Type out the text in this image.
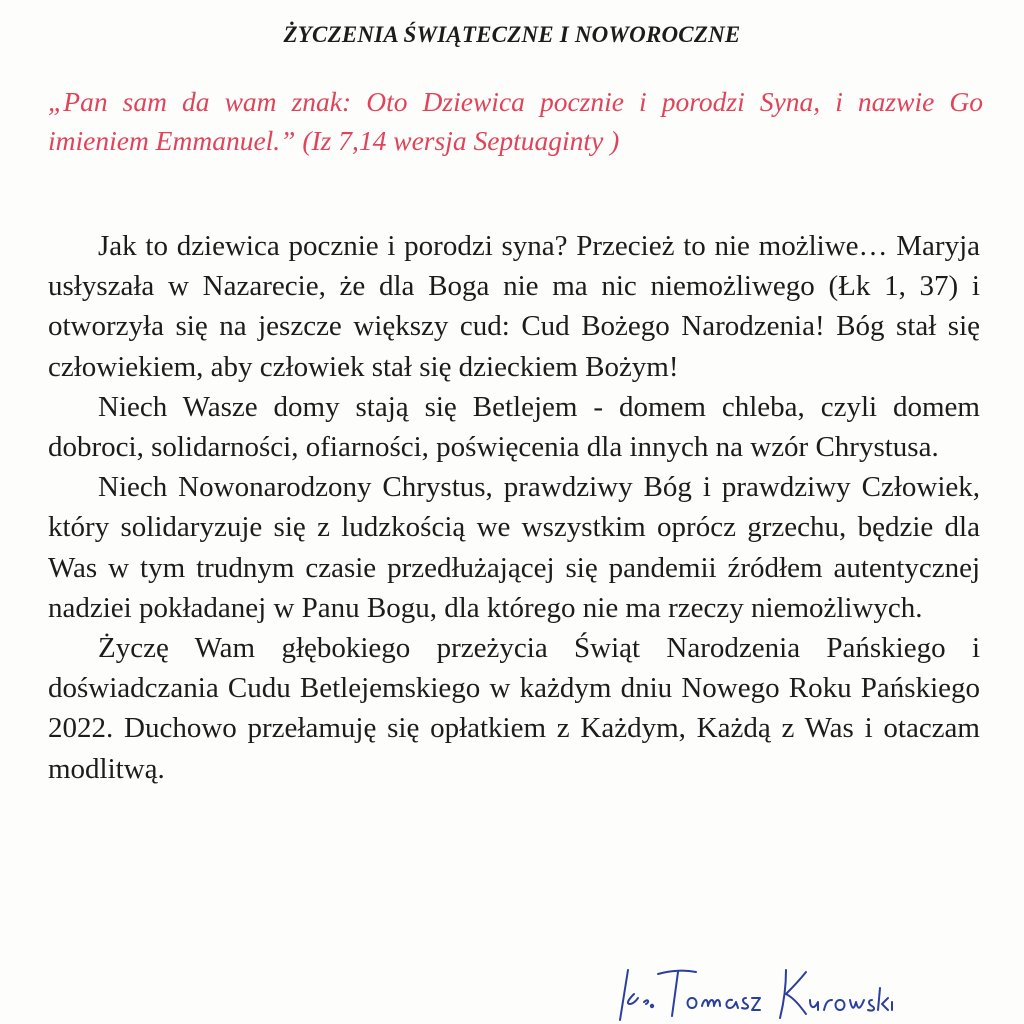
ŻYCZENIA ŚWIĄTECZNE I NOWOROCZNE

„Pan sam da wam znak: Oto Dziewica pocznie i porodzi Syna, i nazwie Go imieniem Emmanuel.” (Iz 7,14 wersja Septuaginty )

Jak to dziewica pocznie i porodzi syna? Przecież to nie możliwe… Maryja usłyszała w Nazarecie, że dla Boga nie ma nic niemożliwego (Łk 1, 37) i otworzyła się na jeszcze większy cud: Cud Bożego Narodzenia! Bóg stał się człowiekiem, aby człowiek stał się dzieckiem Bożym!

Niech Wasze domy stają się Betlejem - domem chleba, czyli domem dobroci, solidarności, ofiarności, poświęcenia dla innych na wzór Chrystusa.

Niech Nowonarodzony Chrystus, prawdziwy Bóg i prawdziwy Człowiek, który solidaryzuje się z ludzkością we wszystkim oprócz grzechu, będzie dla Was w tym trudnym czasie przedłużającej się pandemii źródłem autentycznej nadziei pokładanej w Panu Bogu, dla którego nie ma rzeczy niemożliwych.

Życzę Wam głębokiego przeżycia Świąt Narodzenia Pańskiego i doświadczania Cudu Betlejemskiego w każdym dniu Nowego Roku Pańskiego 2022. Duchowo przełamuję się opłatkiem z Każdym, Każdą z Was i otaczam modlitwą.
